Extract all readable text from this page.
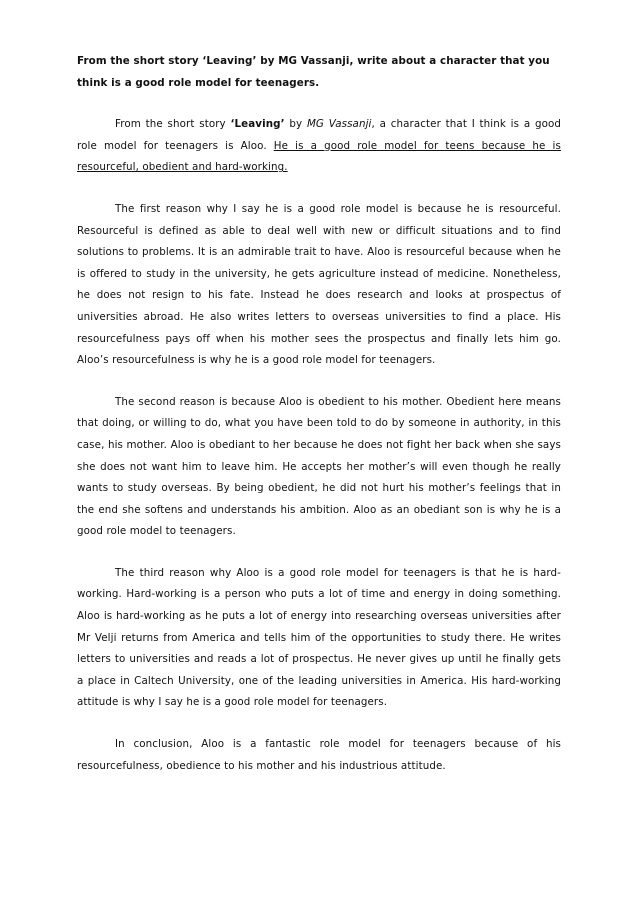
From the short story ‘Leaving’ by MG Vassanji, write about a character that you think is a good role model for teenagers.

From the short story ‘Leaving’ by MG Vassanji, a character that I think is a good role model for teenagers is Aloo. He is a good role model for teens because he is resourceful, obedient and hard-working.

The first reason why I say he is a good role model is because he is resourceful. Resourceful is defined as able to deal well with new or difficult situations and to find solutions to problems. It is an admirable trait to have. Aloo is resourceful because when he is offered to study in the university, he gets agriculture instead of medicine. Nonetheless, he does not resign to his fate. Instead he does research and looks at prospectus of universities abroad. He also writes letters to overseas universities to find a place. His resourcefulness pays off when his mother sees the prospectus and finally lets him go. Aloo’s resourcefulness is why he is a good role model for teenagers.

The second reason is because Aloo is obedient to his mother. Obedient here means that doing, or willing to do, what you have been told to do by someone in authority, in this case, his mother. Aloo is obediant to her because he does not fight her back when she says she does not want him to leave him. He accepts her mother’s will even though he really wants to study overseas. By being obedient, he did not hurt his mother’s feelings that in the end she softens and understands his ambition. Aloo as an obediant son is why he is a good role model to teenagers.

The third reason why Aloo is a good role model for teenagers is that he is hard-working. Hard-working is a person who puts a lot of time and energy in doing something. Aloo is hard-working as he puts a lot of energy into researching overseas universities after Mr Velji returns from America and tells him of the opportunities to study there. He writes letters to universities and reads a lot of prospectus. He never gives up until he finally gets a place in Caltech University, one of the leading universities in America. His hard-working attitude is why I say he is a good role model for teenagers.

In conclusion, Aloo is a fantastic role model for teenagers because of his resourcefulness, obedience to his mother and his industrious attitude.
